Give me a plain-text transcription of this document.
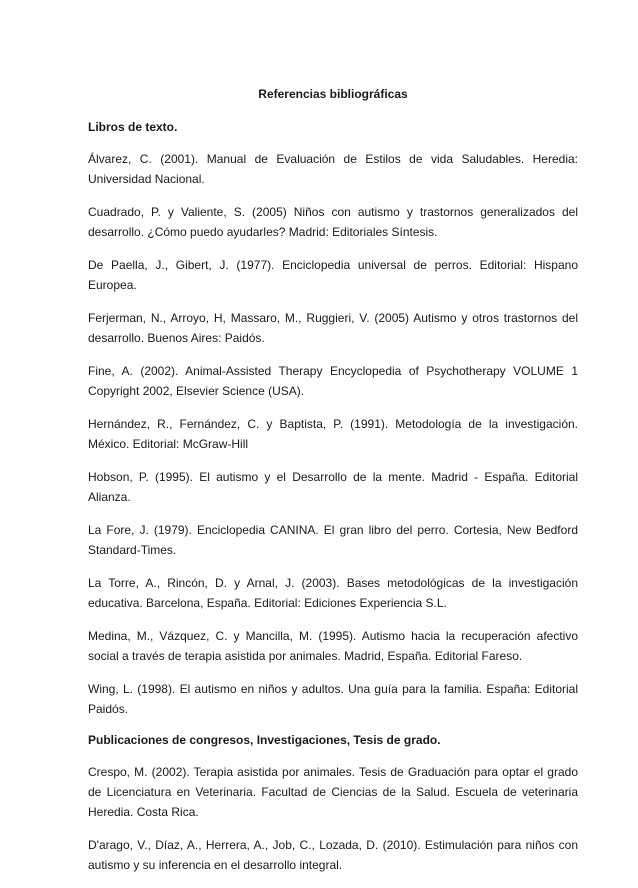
Referencias bibliográficas
Libros de texto.

Álvarez, C. (2001). Manual de Evaluación de Estilos de vida Saludables. Heredia: Universidad Nacional.

Cuadrado, P. y Valiente, S. (2005) Niños con autismo y trastornos generalizados del desarrollo. ¿Cómo puedo ayudarles? Madrid: Editoriales Síntesis.

De Paella, J., Gibert, J. (1977). Enciclopedia universal de perros. Editorial: Hispano Europea.

Ferjerman, N., Arroyo, H, Massaro, M., Ruggieri, V. (2005) Autismo y otros trastornos del desarrollo. Buenos Aires: Paidós.

Fine, A. (2002). Animal-Assisted Therapy Encyclopedia of Psychotherapy VOLUME 1 Copyright 2002, Elsevier Science (USA).

Hernández, R., Fernández, C. y Baptista, P. (1991). Metodología de la investigación. México. Editorial: McGraw-Hill

Hobson, P. (1995). El autismo y el Desarrollo de la mente. Madrid - España. Editorial Alianza.

La Fore, J. (1979). Enciclopedia CANINA. El gran libro del perro. Cortesia, New Bedford Standard-Times.

La Torre, A., Rincón, D. y Arnal, J. (2003). Bases metodológicas de la investigación educativa. Barcelona, España. Editorial: Ediciones Experiencia S.L.

Medina, M., Vázquez, C. y Mancilla, M. (1995). Autismo hacia la recuperación afectivo social a través de terapia asistida por animales. Madrid, España. Editorial Fareso.

Wing, L. (1998). El autismo en niños y adultos. Una guía para la familia. España: Editorial Paidós.

Publicaciones de congresos, Investigaciones, Tesis de grado.

Crespo, M. (2002). Terapia asistida por animales. Tesis de Graduación para optar el grado de Licenciatura en Veterinaria. Facultad de Ciencias de la Salud. Escuela de veterinaria Heredia. Costa Rica.

D'arago, V., Díaz, A., Herrera, A., Job, C., Lozada, D. (2010). Estimulación para niños con autismo y su inferencia en el desarrollo integral.
